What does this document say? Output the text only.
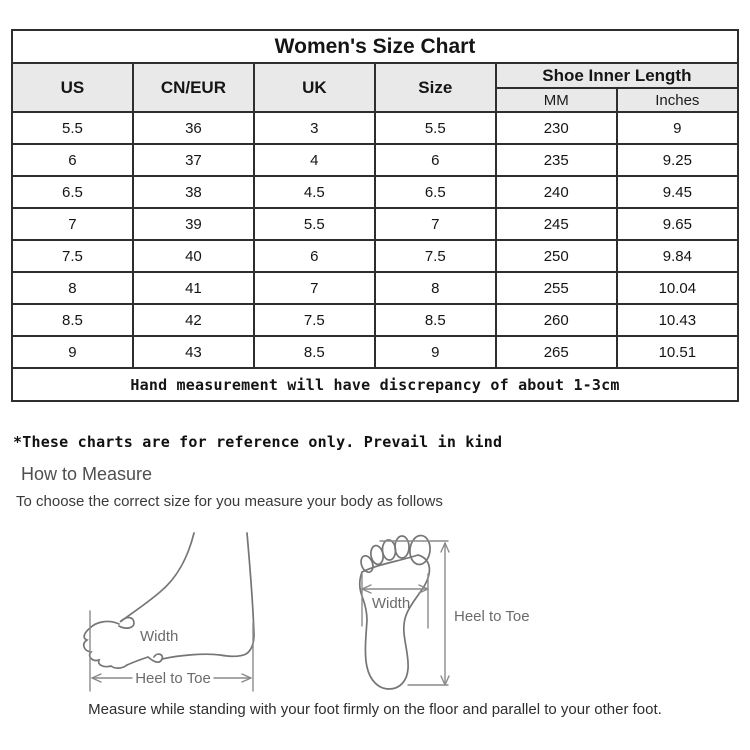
Women's Size Chart					
US	CN/EUR	UK	Size	Shoe Inner Length	
				MM	Inches
5.5	36	3	5.5	230	9
6	37	4	6	235	9.25
6.5	38	4.5	6.5	240	9.45
7	39	5.5	7	245	9.65
7.5	40	6	7.5	250	9.84
8	41	7	8	255	10.04
8.5	42	7.5	8.5	260	10.43
9	43	8.5	9	265	10.51
Hand measurement will have discrepancy of about 1-3cm					
*These charts are for reference only. Prevail in kind
How to Measure
To choose the correct size for you measure your body as follows
Width
Heel to Toe
Width
Heel to Toe
Measure while standing with your foot firmly on the floor and parallel to your other foot.
